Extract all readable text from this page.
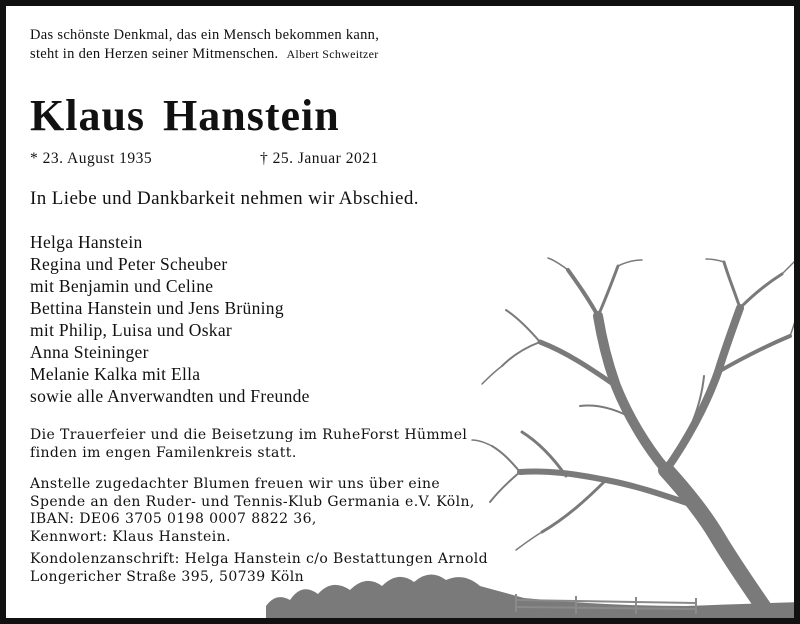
Das schönste Denkmal, das ein Mensch bekommen kann,
steht in den Herzen seiner Mitmenschen. Albert Schweitzer
Klaus Hanstein
* 23. August 1935	† 25. Januar 2021
In Liebe und Dankbarkeit nehmen wir Abschied.
Helga Hanstein
Regina und Peter Scheuber
mit Benjamin und Celine
Bettina Hanstein und Jens Brüning
mit Philip, Luisa und Oskar
Anna Steininger
Melanie Kalka mit Ella
sowie alle Anverwandten und Freunde
Die Trauerfeier und die Beisetzung im RuheForst Hümmel
finden im engen Familenkreis statt.
Anstelle zugedachter Blumen freuen wir uns über eine
Spende an den Ruder- und Tennis-Klub Germania e.V. Köln,
IBAN: DE06 3705 0198 0007 8822 36,
Kennwort: Klaus Hanstein.
Kondolenzanschrift: Helga Hanstein c/o Bestattungen Arnold
Longericher Straße 395, 50739 Köln
